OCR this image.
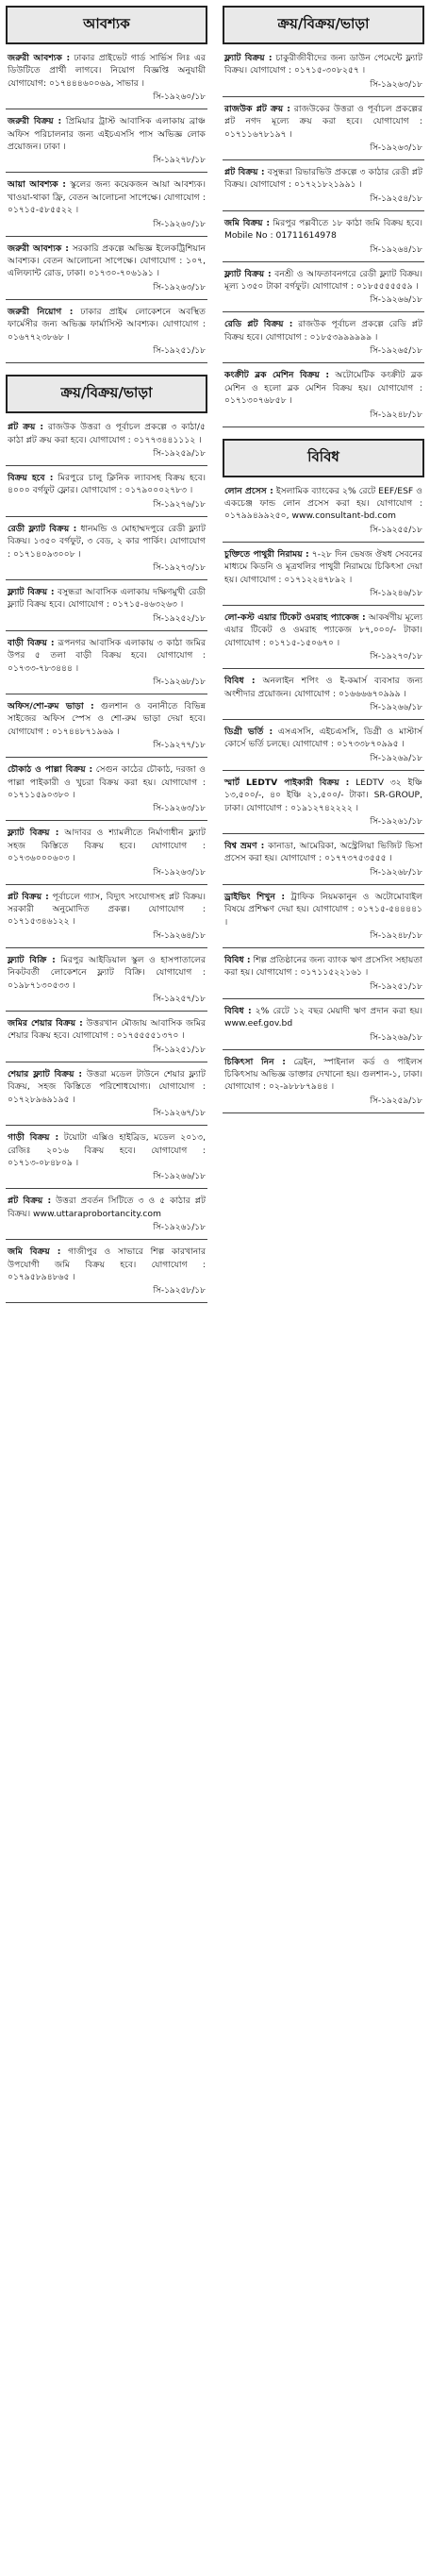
আবশ্যক
জরুরী আবশ্যক : ঢাকার প্রাইভেট গার্ড সার্ভিস লিঃ এর ডিউটিতে প্রার্থী লাগবে। নিয়োগ বিজ্ঞপ্তি অনুযায়ী যোগাযোগ: ০১৭৪৪৪৬০০৬৯, সাভার ।
সি-১৯২৬০/১৮
জরুরী বিক্রয় : প্রিমিয়ার ট্রাস্ট আবাসিক এলাকায় ব্রাঞ্চ অফিস পরিচালনার জন্য এইচএসসি পাস অভিজ্ঞ লোক প্রয়োজন। ঢাকা ।
সি-১৯২৭৮/১৮
আয়া আবশ্যক : স্কুলের জন্য কয়েকজন আয়া আবশ্যক। খাওয়া-থাকা ফ্রি, বেতন আলোচনা সাপেক্ষে। যোগাযোগ : ০১৭১৫-৫৮৫৫২২ ।
সি-১৯২৬০/১৮
জরুরী আবশ্যক : সরকারি প্রকল্পে অভিজ্ঞ ইলেকট্রিশিয়ান আবশ্যক। বেতন আলোচনা সাপেক্ষে। যোগাযোগ : ১০৭, এলিফ্যান্ট রোড, ঢাকা। ০১৭৩০-৭০৬১৯১ ।
সি-১৯২৬৩/১৮
জরুরী নিয়োগ : ঢাকার প্রাইম লোকেশনে অবস্থিত ফার্মেসীর জন্য অভিজ্ঞ ফার্মাসিস্ট আবশ্যক। যোগাযোগ : ০১৬৭৭২৩৮৬৮ ।
সি-১৯২৫১/১৮
ক্রয়/বিক্রয়/ভাড়া
প্লট ক্রয় : রাজউক উত্তরা ও পূর্বাচল প্রকল্পে ৩ কাঠা/৫ কাঠা প্লট ক্রয় করা হবে। যোগাযোগ : ০১৭৭৩৪৪১১১২ ।
সি-১৯২৫৯/১৮
বিক্রয় হবে : মিরপুরে চালু ক্লিনিক ল্যাবসহ বিক্রয় হবে। ৪০০০ বর্গফুট ফ্লোর। যোগাযোগ : ০১৭৯০০০২৭৮৩ ।
সি-১৯২৭৬/১৮
রেডী ফ্ল্যাট বিক্রয় : ধানমন্ডি ও মোহাম্মদপুরে রেডী ফ্ল্যাট বিক্রয়। ১৩৫০ বর্গফুট, ৩ বেড, ২ কার পার্কিং। যোগাযোগ : ০১৭১৪০৯৩০০৮ ।
সি-১৯২৭৩/১৮
ফ্ল্যাট বিক্রয় : বসুন্ধরা আবাসিক এলাকায় দক্ষিণমুখী রেডী ফ্ল্যাট বিক্রয় হবে। যোগাযোগ : ০১৭১৫-৪৬৩২৬৩ ।
সি-১৯২৫২/১৮
বাড়ী বিক্রয় : রূপনগর আবাসিক এলাকায় ৩ কাঠা জমির উপর ৫ তলা বাড়ী বিক্রয় হবে। যোগাযোগ : ০১৭৩৩-৭৮৩৪৪৪ ।
সি-১৯২৬৮/১৮
অফিস/শো-রুম ভাড়া : গুলশান ও বনানীতে বিভিন্ন সাইজের অফিস স্পেস ও শো-রুম ভাড়া দেয়া হবে। যোগাযোগ : ০১৭৪৪৮৭১৯৬৯ ।
সি-১৯২৭৭/১৮
চৌকাঠ ও পাল্লা বিক্রয় : সেগুন কাঠের চৌকাঠ, দরজা ও পাল্লা পাইকারী ও খুচরা বিক্রয় করা হয়। যোগাযোগ : ০১৭১১৫৯০৩৮০ ।
সি-১৯২৬৩/১৮
ফ্ল্যাট বিক্রয় : আদাবর ও শ্যামলীতে নির্মাণাধীন ফ্ল্যাট সহজ কিস্তিতে বিক্রয় হবে। যোগাযোগ : ০১৭৩৬০০০৬০৩ ।
সি-১৯২৬৩/১৮
প্লট বিক্রয় : পূর্বাচলে গ্যাস, বিদ্যুৎ সংযোগসহ প্লট বিক্রয়। সরকারী অনুমোদিত প্রকল্প। যোগাযোগ : ০১৭১৫৩৪৬১২২ ।
সি-১৯২৬৪/১৮
ফ্ল্যাট বিক্রি : মিরপুর আইডিয়াল স্কুল ও হাসপাতালের নিকটবর্তী লোকেশনে ফ্ল্যাট বিক্রি। যোগাযোগ : ০১৯৮৭১৩০৫৩৩ ।
সি-১৯২৫৭/১৮
জমির শেয়ার বিক্রয় : উত্তরখান মৌজায় আবাসিক জমির শেয়ার বিক্রয় হবে। যোগাযোগ : ০১৭৫৫৫৫১৩৭০ ।
সি-১৯২৫১/১৮
শেয়ার ফ্ল্যাট বিক্রয় : উত্তরা মডেল টাউনে শেয়ার ফ্ল্যাট বিক্রয়, সহজ কিস্তিতে পরিশোধযোগ্য। যোগাযোগ : ০১৭২৮৯৬৯১৯৫ ।
সি-১৯২৬৭/১৮
গাড়ী বিক্রয় : টয়োটা এক্সিও হাইব্রিড, মডেল ২০১৩, রেজিঃ ২০১৬ বিক্রয় হবে। যোগাযোগ : ০১৭১৩-০৮৪৮০৯ ।
সি-১৯২৬৬/১৮
প্লট বিক্রয় : উত্তরা প্রবর্তন সিটিতে ৩ ও ৫ কাঠার প্লট বিক্রয়। www.uttaraprobortancity.com
সি-১৯২৬১/১৮
জমি বিক্রয় : গাজীপুর ও সাভারে শিল্প কারখানার উপযোগী জমি বিক্রয় হবে। যোগাযোগ : ০১৭৯৫৮৯৪৮৬৫ ।
সি-১৯২৫৮/১৮
ক্রয়/বিক্রয়/ভাড়া
ফ্ল্যাট বিক্রয় : চাকুরীজীবীদের জন্য ডাউন পেমেন্টে ফ্ল্যাট বিক্রয়। যোগাযোগ : ০১৭১৫-৩০৮২৫৭ ।
সি-১৯২৬৩/১৮
রাজউক প্লট ক্রয় : রাজউকের উত্তরা ও পূর্বাচল প্রকল্পের প্লট নগদ মূল্যে ক্রয় করা হবে। যোগাযোগ : ০১৭১১৬৭৮১৯৭ ।
সি-১৯২৬৩/১৮
প্লট বিক্রয় : বসুন্ধরা রিভারভিউ প্রকল্পে ৩ কাঠার রেডী প্লট বিক্রয়। যোগাযোগ : ০১৭২১৮২১৯৯১ ।
সি-১৯২৫৪/১৮
জমি বিক্রয় : মিরপুর পল্লবীতে ১৮ কাঠা জমি বিক্রয় হবে। Mobile No : 01711614978
সি-১৯২৬৪/১৮
ফ্ল্যাট বিক্রয় : বনশ্রী ও আফতাবনগরে রেডী ফ্ল্যাট বিক্রয়। মূল্য ১৩৫০ টাকা বর্গফুট। যোগাযোগ : ০১৮৫৫৫৫৫৫৯ ।
সি-১৯২৬৬/১৮
রেডি প্লট বিক্রয় : রাজউক পূর্বাচল প্রকল্পে রেডি প্লট বিক্রয় হবে। যোগাযোগ : ০১৮৫৩৯৯৯৯৯৯ ।
সি-১৯২৬৫/১৮
কংক্রীট ব্লক মেশিন বিক্রয় : অটোমেটিক কংক্রীট ব্লক মেশিন ও হলো ব্লক মেশিন বিক্রয় হয়। যোগাযোগ : ০১৭১৩০৭৬৮৫৮ ।
সি-১৯২৪৮/১৮
বিবিধ
লোন প্রসেস : ইসলামিক ব্যাংকের ২% রেটে EEF/ESF ও একচেঞ্জ ফান্ড লোন প্রসেস করা হয়। যোগাযোগ : ০১৭৯৯৪৯৯২৫০, www.consultant-bd.com
সি-১৯২৫৫/১৮
চুক্তিতে পাথুরী নিরাময় : ৭-২৮ দিন ভেষজ ঔষধ সেবনের মাধ্যমে কিডনি ও মূত্রথলির পাথুরী নিরাময়ে চিকিৎসা দেয়া হয়। যোগাযোগ : ০১৭১২২৪৭৮৯২ ।
সি-১৯২৪৬/১৮
লো-কস্ট এয়ার টিকেট ওমরাহ প্যাকেজ : আকর্ষণীয় মূল্যে এয়ার টিকেট ও ওমরাহ প্যাকেজ ৮৭,০০০/- টাকা। যোগাযোগ : ০১৭১৫-১৫০৬৭০ ।
সি-১৯২৭০/১৮
বিবিধ : অনলাইন শপিং ও ই-কমার্স ব্যবসার জন্য অংশীদার প্রয়োজন। যোগাযোগ : ০১৬৬৬৬৭০৯৯৯ ।
সি-১৯২৬৬/১৮
ডিগ্রী ভর্তি : এসএসসি, এইচএসসি, ডিগ্রী ও মাস্টার্স কোর্সে ভর্তি চলছে। যোগাযোগ : ০১৭৩৩৮৭০৯৯৫ ।
সি-১৯২৬৯/১৮
স্মার্ট LEDTV পাইকারী বিক্রয় : LEDTV ৩২ ইঞ্চি ১৩,৫০০/-, ৪০ ইঞ্চি ২১,৫০০/- টাকা। SR-GROUP, ঢাকা। যোগাযোগ : ০১৯১২৭৪২২২২ ।
সি-১৯২৬১/১৮
বিশ্ব ভ্রমণ : কানাডা, আমেরিকা, অস্ট্রেলিয়া ভিজিট ভিসা প্রসেস করা হয়। যোগাযোগ : ০১৭৭৩৭৫৩৫৫৫ ।
সি-১৯২৬৮/১৮
ড্রাইভিং শিখুন : ট্রাফিক নিয়মকানুন ও অটোমোবাইল বিষয়ে প্রশিক্ষণ দেয়া হয়। যোগাযোগ : ০১৭১৫-৫৪৪৪৪১ ।
সি-১৯২৪৮/১৮
বিবিধ : শিল্প প্রতিষ্ঠানের জন্য ব্যাংক ঋণ প্রসেসিং সহায়তা করা হয়। যোগাযোগ : ০১৭১১৫২২১৬১ ।
সি-১৯২৫১/১৮
বিবিধ : ২% রেটে ১২ বছর মেয়াদী ঋণ প্রদান করা হয়। www.eef.gov.bd
সি-১৯২৬৯/১৮
চিকিৎসা নিন : ব্রেইন, স্পাইনাল কর্ড ও পাইলস চিকিৎসায় অভিজ্ঞ ডাক্তার দেখানো হয়। গুলশান-১, ঢাকা। যোগাযোগ : ০২-৯৮৮৮৭৯৪৪ ।
সি-১৯২৫৯/১৮
